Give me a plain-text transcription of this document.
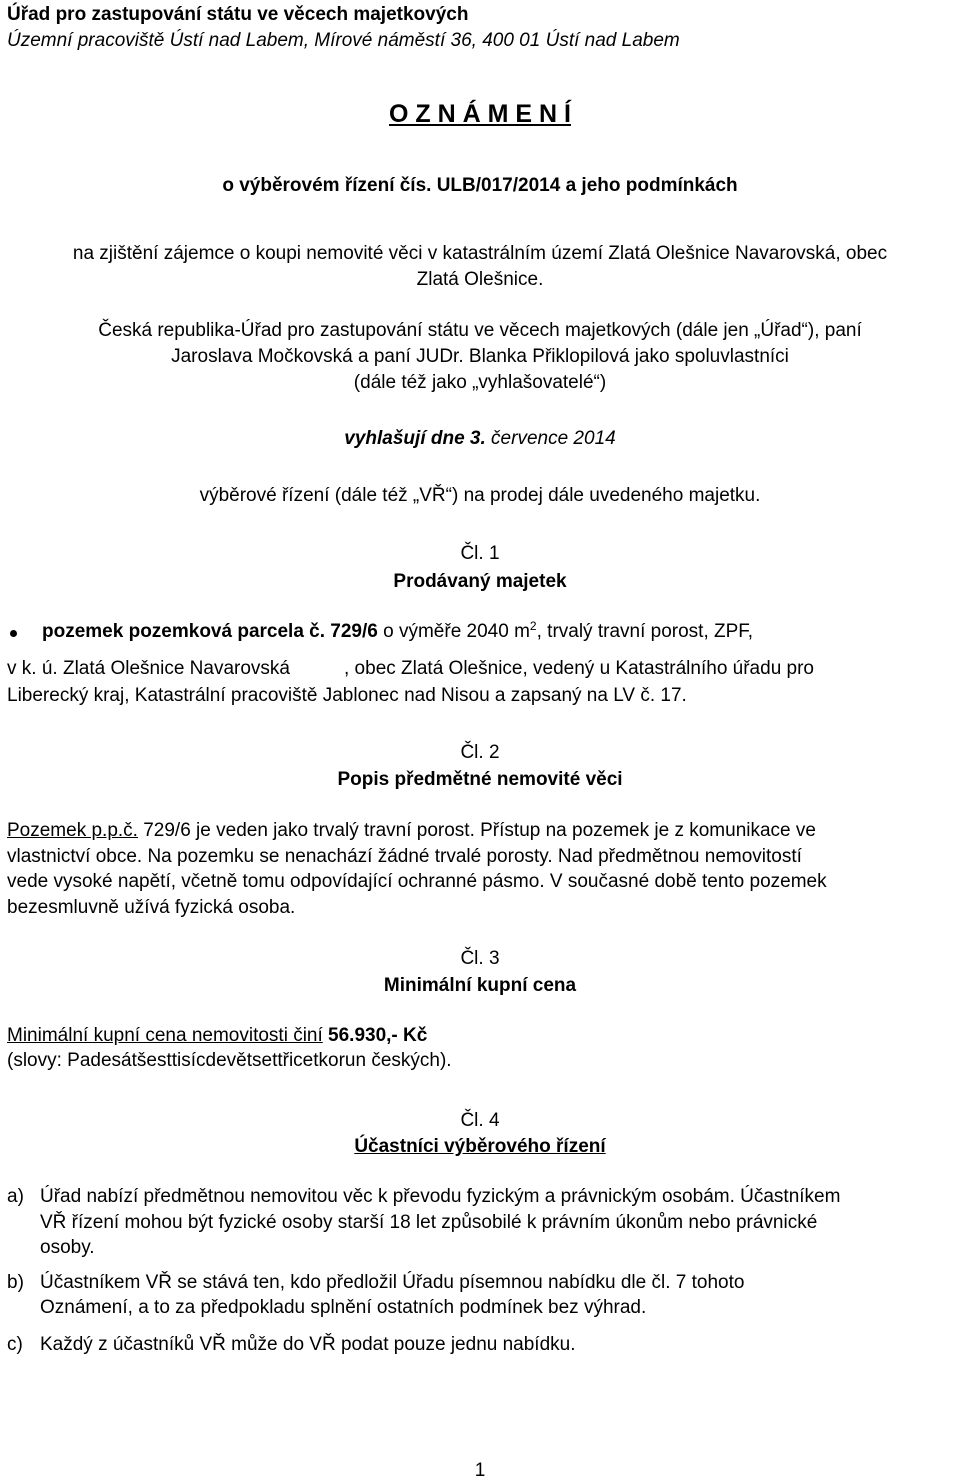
Úřad pro zastupování státu ve věcech majetkových
Územní pracoviště Ústí nad Labem, Mírové náměstí 36, 400 01 Ústí nad Labem
O Z N Á M E N Í
o výběrovém řízení čís. ULB/017/2014 a jeho podmínkách
na zjištění zájemce o koupi nemovité věci v katastrálním území Zlatá Olešnice Navarovská, obec
Zlatá Olešnice.
Česká republika-Úřad pro zastupování státu ve věcech majetkových (dále jen „Úřad“), paní
Jaroslava Močkovská a paní JUDr. Blanka Přiklopilová jako spoluvlastníci
(dále též jako „vyhlašovatelé“)
vyhlašují dne 3. července 2014
výběrové řízení (dále též „VŘ“) na prodej dále uvedeného majetku.
Čl. 1
Prodávaný majetek
pozemek pozemková parcela č. 729/6 o výměře 2040 $m^2$, trvalý travní porost, ZPF,
v k. ú. Zlatá Olešnice Navarovská	, obec Zlatá Olešnice, vedený u Katastrálního úřadu pro
Liberecký kraj, Katastrální pracoviště Jablonec nad Nisou a zapsaný na LV č. 17.
Čl. 2
Popis předmětné nemovité věci
Pozemek p.p.č. 729/6 je veden jako trvalý travní porost. Přístup na pozemek je z komunikace ve
vlastnictví obce. Na pozemku se nenachází žádné trvalé porosty. Nad předmětnou nemovitostí
vede vysoké napětí, včetně tomu odpovídající ochranné pásmo. V současné době tento pozemek
bezesmluvně užívá fyzická osoba.
Čl. 3
Minimální kupní cena
Minimální kupní cena nemovitosti činí 56.930,- Kč
(slovy: Padesátšesttisícdevětsettřicetkorun českých).
Čl. 4
Účastníci výběrového řízení
a) Úřad nabízí předmětnou nemovitou věc k převodu fyzickým a právnickým osobám. Účastníkem
VŘ řízení mohou být fyzické osoby starší 18 let způsobilé k právním úkonům nebo právnické
osoby.
b) Účastníkem VŘ se stává ten, kdo předložil Úřadu písemnou nabídku dle čl. 7 tohoto
Oznámení, a to za předpokladu splnění ostatních podmínek bez výhrad.
c) Každý z účastníků VŘ může do VŘ podat pouze jednu nabídku.
1
